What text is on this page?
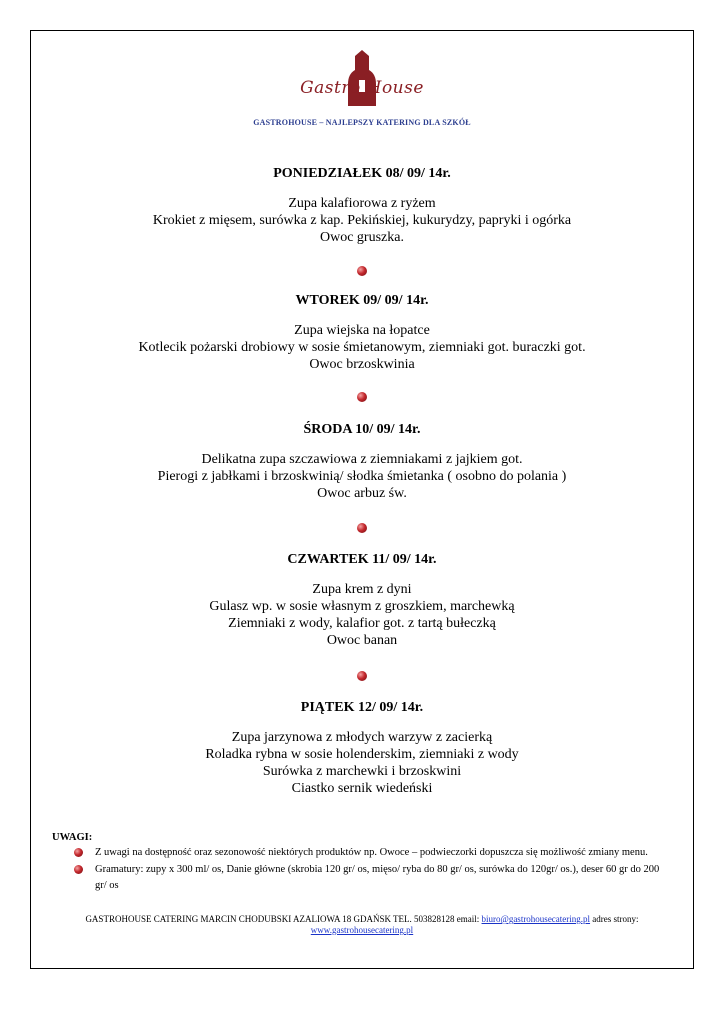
Gastro House
GASTROHOUSE – NAJLEPSZY KATERING DLA SZKÓŁ
PONIEDZIAŁEK 08/ 09/ 14r.
Zupa kalafiorowa z ryżem
Krokiet z mięsem, surówka z kap. Pekińskiej, kukurydzy, papryki i ogórka
Owoc gruszka.
WTOREK 09/ 09/ 14r.
Zupa wiejska na łopatce
Kotlecik pożarski drobiowy w sosie śmietanowym, ziemniaki got. buraczki got.
Owoc brzoskwinia
ŚRODA 10/ 09/ 14r.
Delikatna zupa szczawiowa z ziemniakami z jajkiem got.
Pierogi z jabłkami i brzoskwinią/ słodka śmietanka ( osobno do polania )
Owoc arbuz św.
CZWARTEK 11/ 09/ 14r.
Zupa krem z dyni
Gulasz wp. w sosie własnym z groszkiem, marchewką
Ziemniaki z wody, kalafior got. z tartą bułeczką
Owoc banan
PIĄTEK 12/ 09/ 14r.
Zupa jarzynowa z młodych warzyw z zacierką
Roladka rybna w sosie holenderskim, ziemniaki z wody
Surówka z marchewki i brzoskwini
Ciastko sernik wiedeński
UWAGI:
Z uwagi na dostępność oraz sezonowość niektórych produktów np. Owoce – podwieczorki dopuszcza się możliwość zmiany menu.
Gramatury: zupy x 300 ml/ os, Danie główne (skrobia 120 gr/ os, mięso/ ryba do 80 gr/ os, surówka do 120gr/ os.), deser 60 gr do 200 gr/ os
GASTROHOUSE CATERING MARCIN CHODUBSKI AZALIOWA 18 GDAŃSK TEL. 503828128 email: biuro@gastrohousecatering.pl adres strony:
www.gastrohousecatering.pl
